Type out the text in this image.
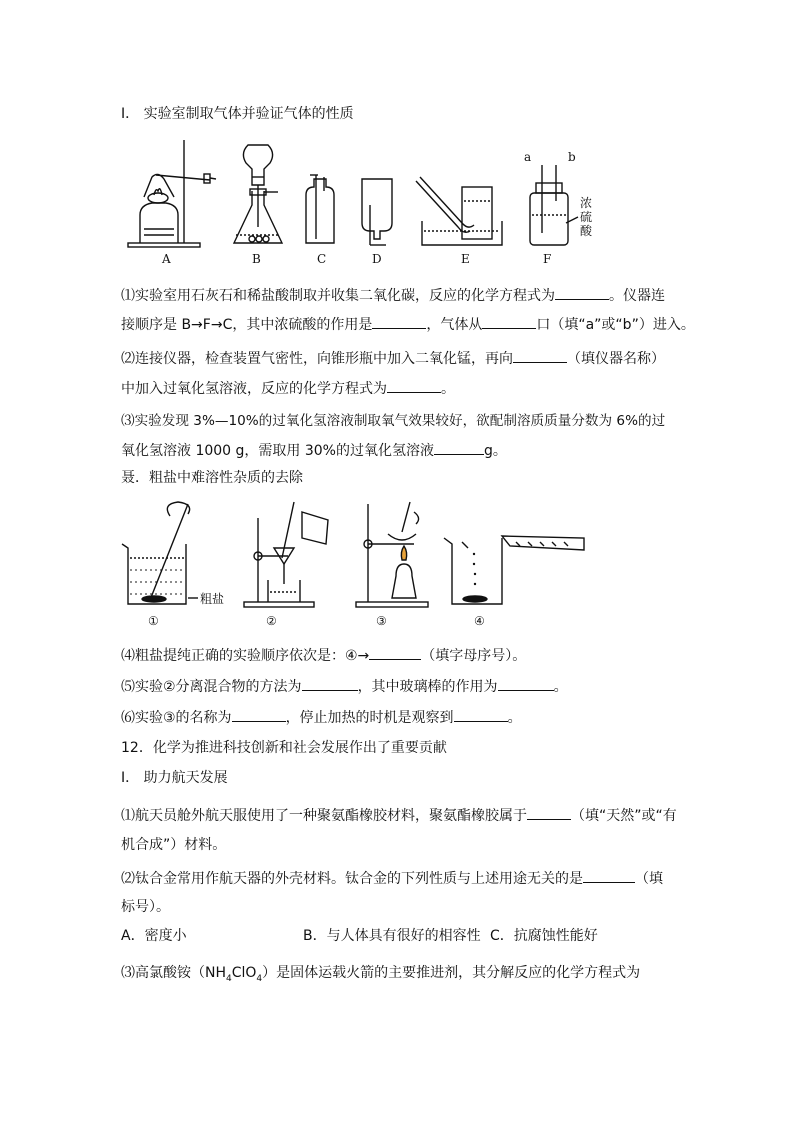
Ⅰ． 实验室制取气体并验证气体的性质
A	B	C	D	E	F
a	b
浓
硫
酸
⑴实验室用石灰石和稀盐酸制取并收集二氧化碳，反应的化学方程式为	。仪器连
接顺序是 B→F→C，其中浓硫酸的作用是	，气体从	口（填“a”或“b”）进入。
⑵连接仪器，检查装置气密性，向锥形瓶中加入二氧化锰，再向	（填仪器名称）
中加入过氧化氢溶液，反应的化学方程式为	。
⑶实验发现 3%—10%的过氧化氢溶液制取氧气效果较好，欲配制溶质质量分数为 6%的过
氧化氢溶液 1000 g，需取用 30%的过氧化氢溶液	g。
聂．粗盐中难溶性杂质的去除
粗盐
①	②	③	④
⑷粗盐提纯正确的实验顺序依次是：④→	（填字母序号）。
⑸实验②分离混合物的方法为	，其中玻璃棒的作用为	。
⑹实验③的名称为	，停止加热的时机是观察到	。
12．化学为推进科技创新和社会发展作出了重要贡献
Ⅰ． 助力航天发展
⑴航天员舱外航天服使用了一种聚氨酯橡胶材料，聚氨酯橡胶属于	（填“天然”或“有
机合成”）材料。
⑵钛合金常用作航天器的外壳材料。钛合金的下列性质与上述用途无关的是	（填
标号）。
A．密度小	B．与人体具有很好的相容性 C．抗腐蚀性能好
⑶高氯酸铵$(NH_4ClO_4)$是固体运载火箭的主要推进剂，其分解反应的化学方程式为
